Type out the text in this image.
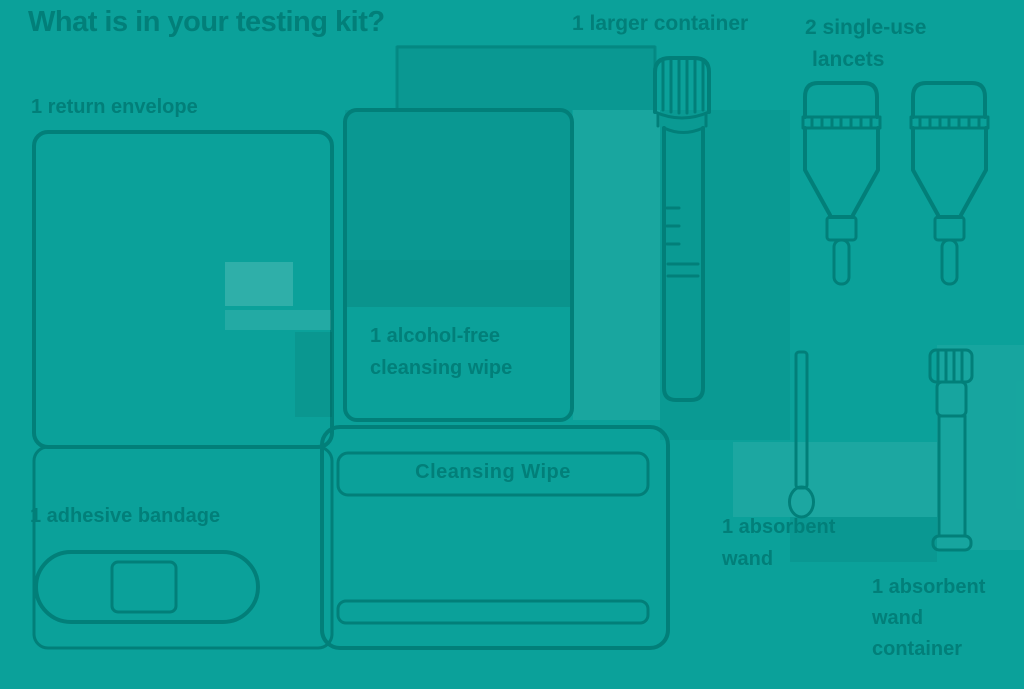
What is in your testing kit?	1 larger container	2 single-use
lancets
1 return envelope
1 adhesive bandage
1 alcohol-free
cleansing wipe
Cleansing Wipe
1 absorbent
wand
1 absorbent
wand
container
